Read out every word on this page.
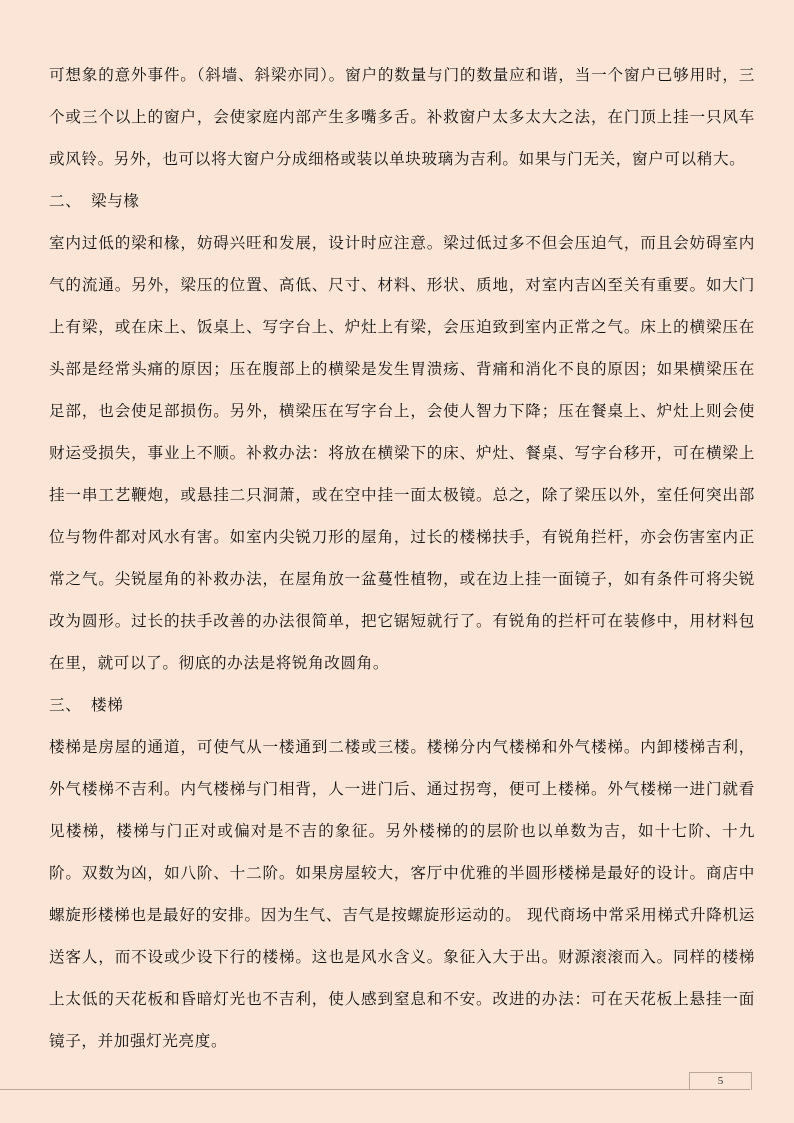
可想象的意外事件。（斜墙、斜梁亦同）。窗户的数量与门的数量应和谐，当一个窗户已够用时，三个或三个以上的窗户，会使家庭内部产生多嘴多舌。补救窗户太多太大之法，在门顶上挂一只风车或风铃。另外，也可以将大窗户分成细格或装以单块玻璃为吉利。如果与门无关，窗户可以稍大。

二、 梁与椽

室内过低的梁和椽，妨碍兴旺和发展，设计时应注意。梁过低过多不但会压迫气，而且会妨碍室内气的流通。另外，梁压的位置、高低、尺寸、材料、形状、质地，对室内吉凶至关有重要。如大门上有梁，或在床上、饭桌上、写字台上、炉灶上有梁，会压迫致到室内正常之气。床上的横梁压在头部是经常头痛的原因；压在腹部上的横梁是发生胃溃疡、背痛和消化不良的原因；如果横梁压在足部，也会使足部损伤。另外，横梁压在写字台上，会使人智力下降；压在餐桌上、炉灶上则会使财运受损失，事业上不顺。补救办法：将放在横梁下的床、炉灶、餐桌、写字台移开，可在横梁上挂一串工艺鞭炮，或悬挂二只洞萧，或在空中挂一面太极镜。总之，除了梁压以外，室任何突出部位与物件都对风水有害。如室内尖锐刀形的屋角，过长的楼梯扶手，有锐角拦杆，亦会伤害室内正常之气。尖锐屋角的补救办法，在屋角放一盆蔓性植物，或在边上挂一面镜子，如有条件可将尖锐改为圆形。过长的扶手改善的办法很简单，把它锯短就行了。有锐角的拦杆可在装修中，用材料包在里，就可以了。彻底的办法是将锐角改圆角。

三、 楼梯

楼梯是房屋的通道，可使气从一楼通到二楼或三楼。楼梯分内气楼梯和外气楼梯。内卸楼梯吉利，外气楼梯不吉利。内气楼梯与门相背，人一进门后、通过拐弯，便可上楼梯。外气楼梯一进门就看见楼梯，楼梯与门正对或偏对是不吉的象征。另外楼梯的的层阶也以单数为吉，如十七阶、十九阶。双数为凶，如八阶、十二阶。如果房屋较大，客厅中优雅的半圆形楼梯是最好的设计。商店中螺旋形楼梯也是最好的安排。因为生气、吉气是按螺旋形运动的。 现代商场中常采用梯式升降机运送客人，而不设或少设下行的楼梯。这也是风水含义。象征入大于出。财源滚滚而入。同样的楼梯上太低的天花板和昏暗灯光也不吉利，使人感到窒息和不安。改进的办法：可在天花板上悬挂一面镜子，并加强灯光亮度。

5
